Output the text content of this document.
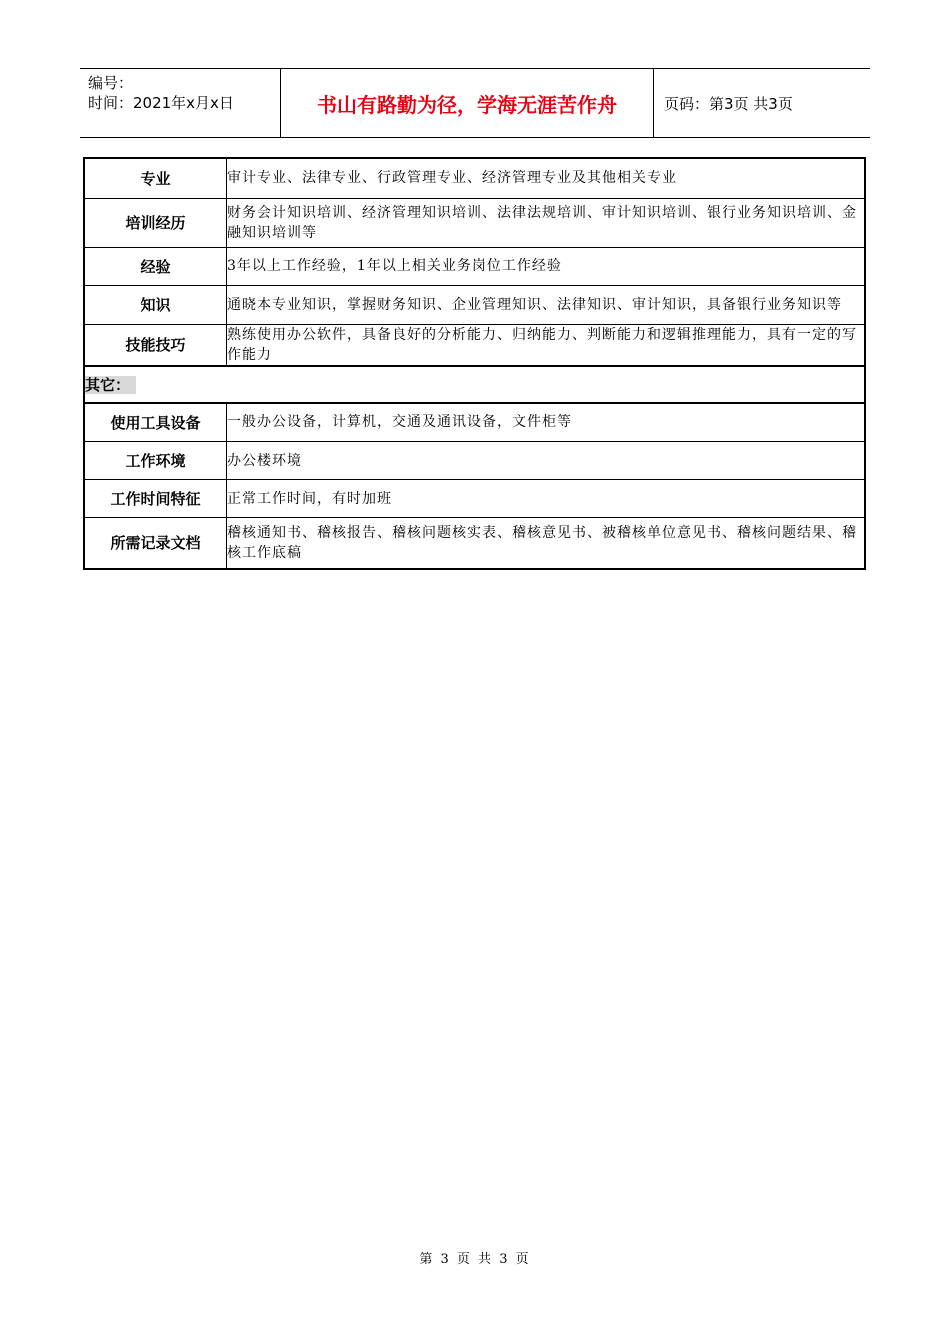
编号：
时间：2021年x月x日	书山有路勤为径，学海无涯苦作舟	页码：第3页 共3页
专业	审计专业、法律专业、行政管理专业、经济管理专业及其他相关专业
培训经历	财务会计知识培训、经济管理知识培训、法律法规培训、审计知识培训、银行业务知识培训、金融知识培训等
经验	3年以上工作经验，1年以上相关业务岗位工作经验
知识	通晓本专业知识，掌握财务知识、企业管理知识、法律知识、审计知识，具备银行业务知识等
技能技巧	熟练使用办公软件，具备良好的分析能力、归纳能力、判断能力和逻辑推理能力，具有一定的写作能力
其它：	
使用工具设备	一般办公设备，计算机，交通及通讯设备，文件柜等
工作环境	办公楼环境
工作时间特征	正常工作时间，有时加班
所需记录文档	稽核通知书、稽核报告、稽核问题核实表、稽核意见书、被稽核单位意见书、稽核问题结果、稽核工作底稿
第 3 页 共 3 页
